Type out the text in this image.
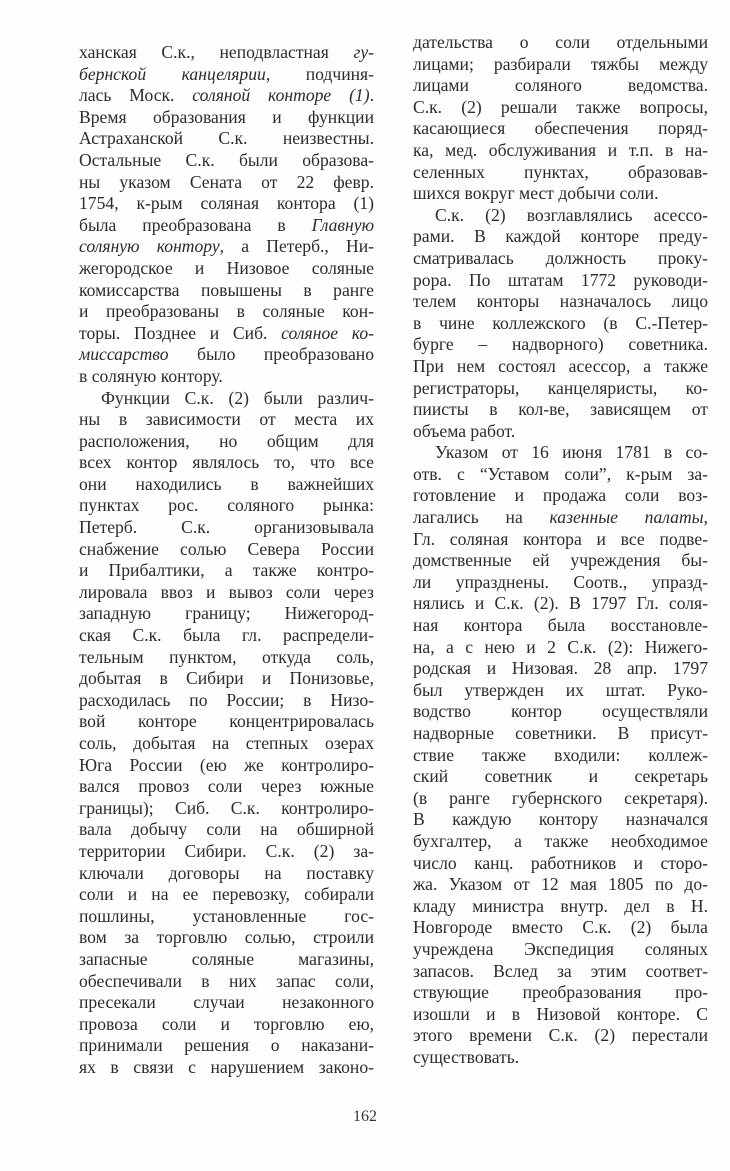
ханская С.к., неподвластная гу-
бернской канцелярии, подчиня-
лась Моск. соляной конторе (1).
Время образования и функции
Астраханской С.к. неизвестны.
Остальные С.к. были образова-
ны указом Сената от 22 февр.
1754, к-рым соляная контора (1)
была преобразована в Главную
соляную контору, а Петерб., Ни-
жегородское и Низовое соляные
комиссарства повышены в ранге
и преобразованы в соляные кон-
торы. Позднее и Сиб. соляное ко-
миссарство было преобразовано
в соляную контору.
Функции С.к. (2) были различ-
ны в зависимости от места их
расположения, но общим для
всех контор являлось то, что все
они находились в важнейших
пунктах рос. соляного рынка:
Петерб. С.к. организовывала
снабжение солью Севера России
и Прибалтики, а также контро-
лировала ввоз и вывоз соли через
западную границу; Нижегород-
ская С.к. была гл. распредели-
тельным пунктом, откуда соль,
добытая в Сибири и Понизовье,
расходилась по России; в Низо-
вой конторе концентрировалась
соль, добытая на степных озерах
Юга России (ею же контролиро-
вался провоз соли через южные
границы); Сиб. С.к. контролиро-
вала добычу соли на обширной
территории Сибири. С.к. (2) за-
ключали договоры на поставку
соли и на ее перевозку, собирали
пошлины, установленные гос-
вом за торговлю солью, строили
запасные соляные магазины,
обеспечивали в них запас соли,
пресекали случаи незаконного
провоза соли и торговлю ею,
принимали решения о наказани-
ях в связи с нарушением законо-
дательства о соли отдельными
лицами; разбирали тяжбы между
лицами соляного ведомства.
С.к. (2) решали также вопросы,
касающиеся обеспечения поряд-
ка, мед. обслуживания и т.п. в на-
селенных пунктах, образовав-
шихся вокруг мест добычи соли.
С.к. (2) возглавлялись асессо-
рами. В каждой конторе преду-
сматривалась должность проку-
рора. По штатам 1772 руководи-
телем конторы назначалось лицо
в чине коллежского (в С.-Петер-
бурге – надворного) советника.
При нем состоял асессор, а также
регистраторы, канцеляристы, ко-
пиисты в кол-ве, зависящем от
объема работ.
Указом от 16 июня 1781 в со-
отв. с “Уставом соли”, к-рым за-
готовление и продажа соли воз-
лагались на казенные палаты,
Гл. соляная контора и все подве-
домственные ей учреждения бы-
ли упразднены. Соотв., упразд-
нялись и С.к. (2). В 1797 Гл. соля-
ная контора была восстановле-
на, а с нею и 2 С.к. (2): Нижего-
родская и Низовая. 28 апр. 1797
был утвержден их штат. Руко-
водство контор осуществляли
надворные советники. В присут-
ствие также входили: коллеж-
ский советник и секретарь
(в ранге губернского секретаря).
В каждую контору назначался
бухгалтер, а также необходимое
число канц. работников и сторо-
жа. Указом от 12 мая 1805 по до-
кладу министра внутр. дел в Н.
Новгороде вместо С.к. (2) была
учреждена Экспедиция соляных
запасов. Вслед за этим соответ-
ствующие преобразования про-
изошли и в Низовой конторе. С
этого времени С.к. (2) перестали
существовать.
162
